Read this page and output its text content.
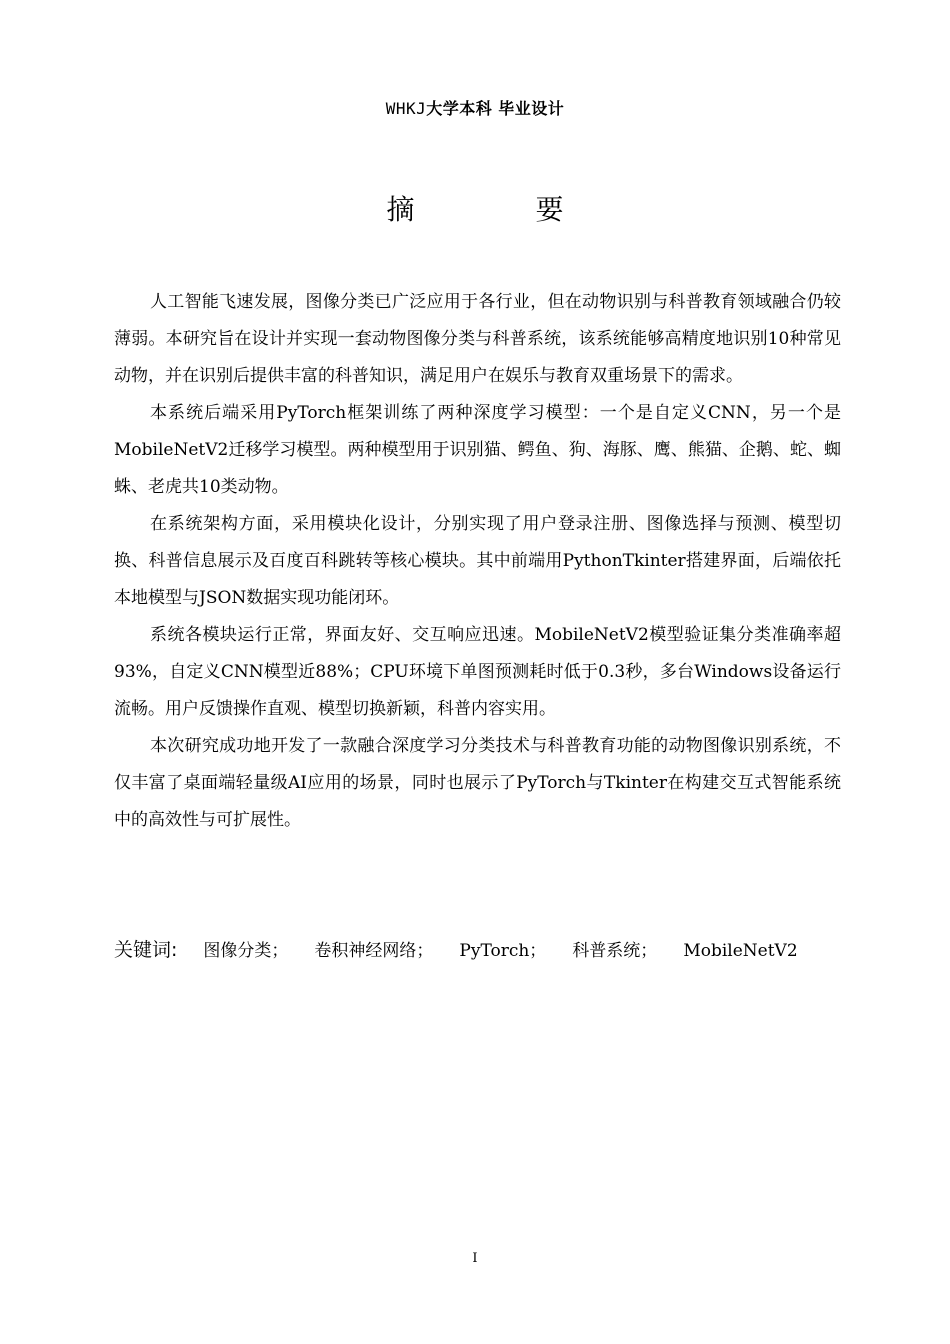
WHKJ大学本科 毕业设计
摘 要

人工智能飞速发展，图像分类已广泛应用于各行业，但在动物识别与科普教育领域融合仍较薄弱。本研究旨在设计并实现一套动物图像分类与科普系统，该系统能够高精度地识别10种常见动物，并在识别后提供丰富的科普知识，满足用户在娱乐与教育双重场景下的需求。

本系统后端采用PyTorch框架训练了两种深度学习模型：一个是自定义CNN，另一个是MobileNetV2迁移学习模型。两种模型用于识别猫、鳄鱼、狗、海豚、鹰、熊猫、企鹅、蛇、蜘蛛、老虎共10类动物。

在系统架构方面，采用模块化设计，分别实现了用户登录注册、图像选择与预测、模型切换、科普信息展示及百度百科跳转等核心模块。其中前端用PythonTkinter搭建界面，后端依托本地模型与JSON数据实现功能闭环。

系统各模块运行正常，界面友好、交互响应迅速。MobileNetV2模型验证集分类准确率超93%，自定义CNN模型近88%；CPU环境下单图预测耗时低于0.3秒，多台Windows设备运行流畅。用户反馈操作直观、模型切换新颖，科普内容实用。

本次研究成功地开发了一款融合深度学习分类技术与科普教育功能的动物图像识别系统，不仅丰富了桌面端轻量级AI应用的场景，同时也展示了PyTorch与Tkinter在构建交互式智能系统中的高效性与可扩展性。

关键词: 图像分类； 卷积神经网络； PyTorch； 科普系统； MobileNetV2
I
